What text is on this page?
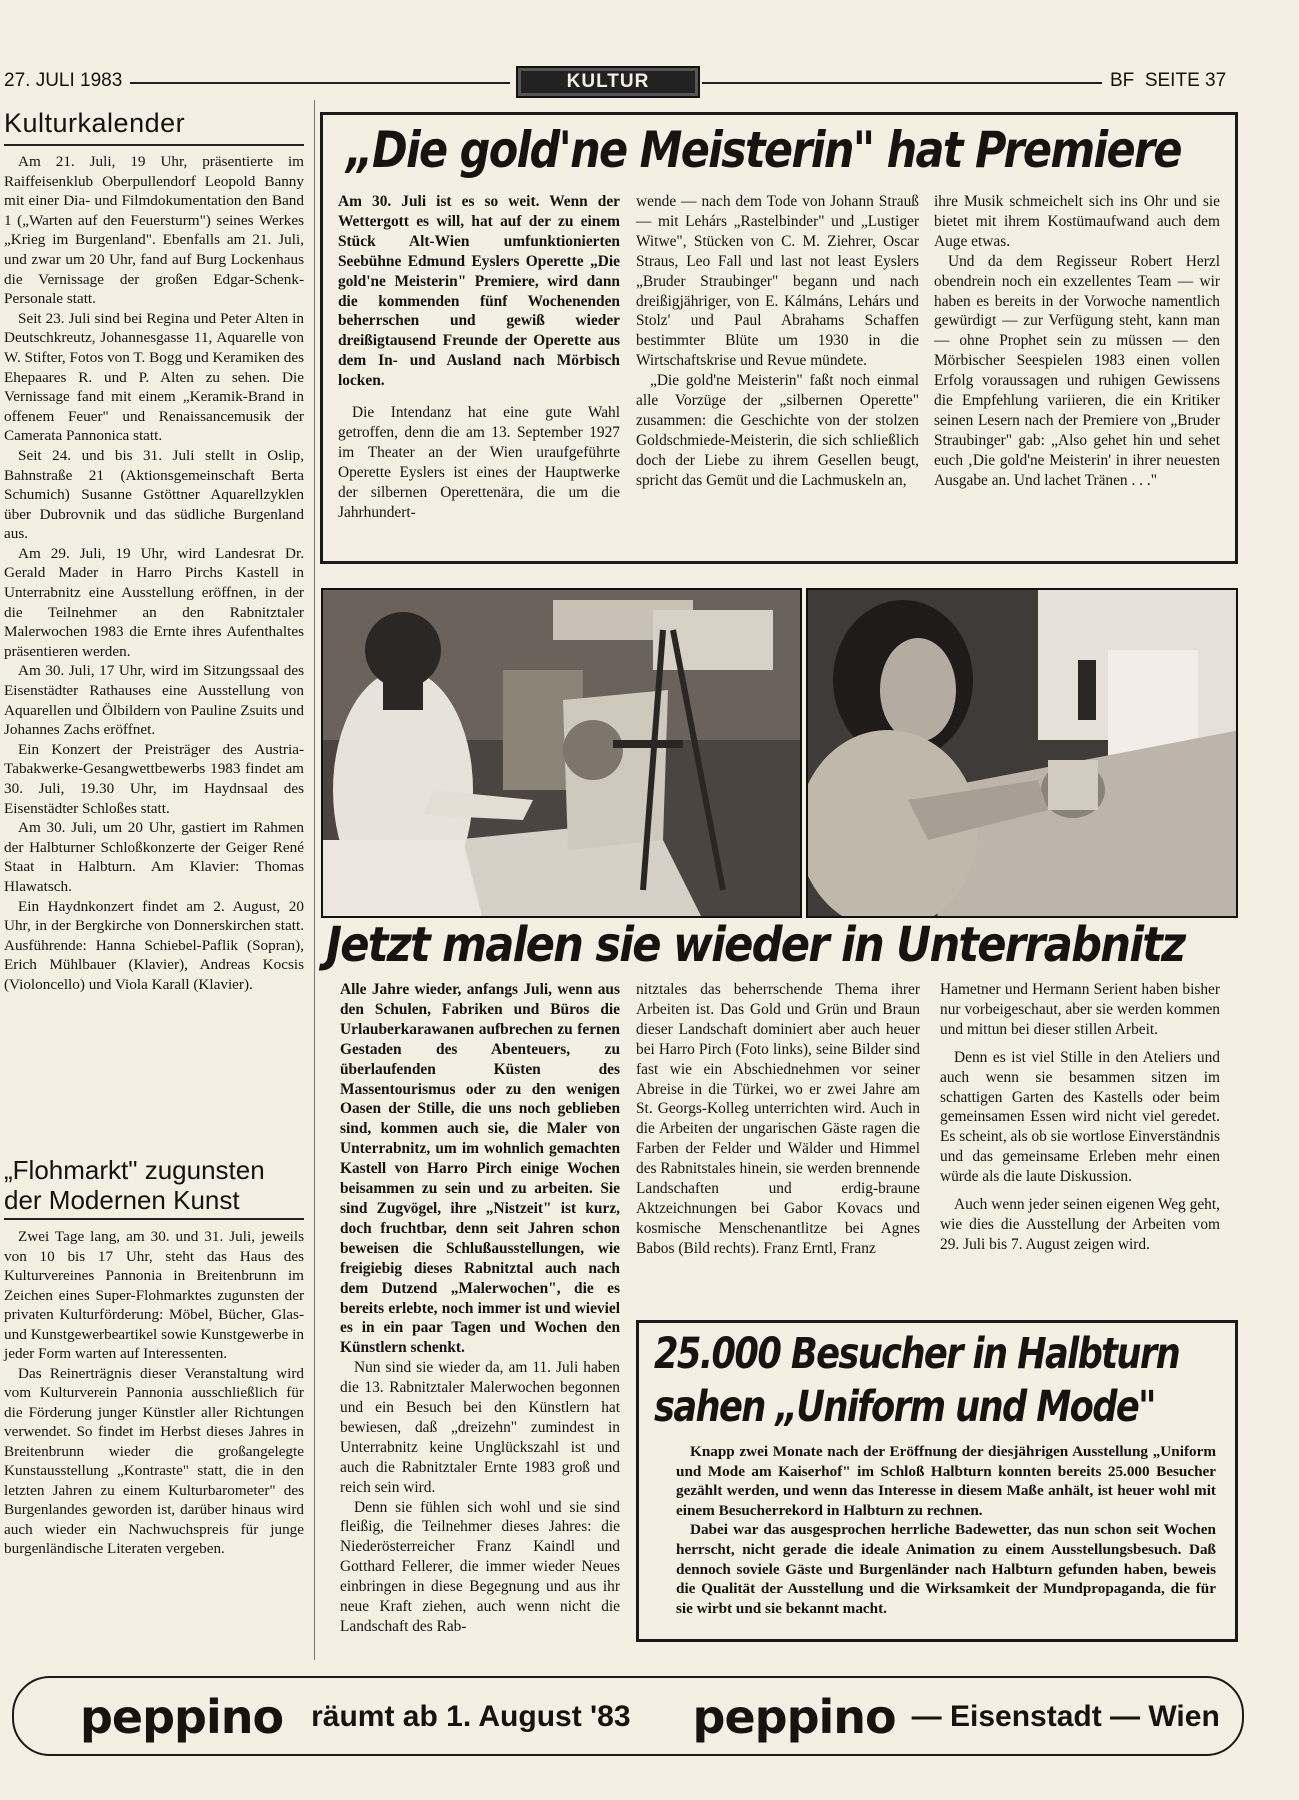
27. JULI 1983	KULTUR	BF  SEITE 37
Kulturkalender

Am 21. Juli, 19 Uhr, präsentierte im Raiffeisenklub Oberpullendorf Leopold Banny mit einer Dia- und Filmdokumentation den Band 1 („Warten auf den Feuersturm") seines Werkes „Krieg im Burgenland". Ebenfalls am 21. Juli, und zwar um 20 Uhr, fand auf Burg Lockenhaus die Vernissage der großen Edgar-Schenk-Personale statt.

Seit 23. Juli sind bei Regina und Peter Alten in Deutschkreutz, Johannesgasse 11, Aquarelle von W. Stifter, Fotos von T. Bogg und Keramiken des Ehepaares R. und P. Alten zu sehen. Die Vernissage fand mit einem „Keramik-Brand in offenem Feuer" und Renaissancemusik der Camerata Pannonica statt.

Seit 24. und bis 31. Juli stellt in Oslip, Bahnstraße 21 (Aktionsgemeinschaft Berta Schumich) Susanne Gstöttner Aquarellzyklen über Dubrovnik und das südliche Burgenland aus.

Am 29. Juli, 19 Uhr, wird Landesrat Dr. Gerald Mader in Harro Pirchs Kastell in Unterrabnitz eine Ausstellung eröffnen, in der die Teilnehmer an den Rabnitztaler Malerwochen 1983 die Ernte ihres Aufenthaltes präsentieren werden.

Am 30. Juli, 17 Uhr, wird im Sitzungssaal des Eisenstädter Rathauses eine Ausstellung von Aquarellen und Ölbildern von Pauline Zsuits und Johannes Zachs eröffnet.

Ein Konzert der Preisträger des Austria-Tabakwerke-Gesangwettbewerbs 1983 findet am 30. Juli, 19.30 Uhr, im Haydnsaal des Eisenstädter Schloßes statt.

Am 30. Juli, um 20 Uhr, gastiert im Rahmen der Halbturner Schloßkonzerte der Geiger René Staat in Halbturn. Am Klavier: Thomas Hlawatsch.

Ein Haydnkonzert findet am 2. August, 20 Uhr, in der Bergkirche von Donnerskirchen statt. Ausführende: Hanna Schiebel-Paflik (Sopran), Erich Mühlbauer (Klavier), Andreas Kocsis (Violoncello) und Viola Karall (Klavier).

„Flohmarkt" zugunsten
der Modernen Kunst

Zwei Tage lang, am 30. und 31. Juli, jeweils von 10 bis 17 Uhr, steht das Haus des Kulturvereines Pannonia in Breitenbrunn im Zeichen eines Super-Flohmarktes zugunsten der privaten Kulturförderung: Möbel, Bücher, Glas- und Kunstgewerbeartikel sowie Kunstgewerbe in jeder Form warten auf Interessenten.

Das Reinerträgnis dieser Veranstaltung wird vom Kulturverein Pannonia ausschließlich für die Förderung junger Künstler aller Richtungen verwendet. So findet im Herbst dieses Jahres in Breitenbrunn wieder die großangelegte Kunstausstellung „Kontraste" statt, die in den letzten Jahren zu einem Kulturbarometer" des Burgenlandes geworden ist, darüber hinaus wird auch wieder ein Nachwuchspreis für junge burgenländische Literaten vergeben.

„Die gold'ne Meisterin" hat Premiere

Am 30. Juli ist es so weit. Wenn der Wettergott es will, hat auf der zu einem Stück Alt-Wien umfunktionierten Seebühne Edmund Eyslers Operette „Die gold'ne Meisterin" Premiere, wird dann die kommenden fünf Wochenenden beherrschen und gewiß wieder dreißigtausend Freunde der Operette aus dem In- und Ausland nach Mörbisch locken.

Die Intendanz hat eine gute Wahl getroffen, denn die am 13. September 1927 im Theater an der Wien uraufgeführte Operette Eyslers ist eines der Hauptwerke der silbernen Operettenära, die um die Jahrhundert-

wende — nach dem Tode von Johann Strauß — mit Lehárs „Rastelbinder" und „Lustiger Witwe", Stücken von C. M. Ziehrer, Oscar Straus, Leo Fall und last not least Eyslers „Bruder Straubinger" begann und nach dreißigjähriger, von E. Kálmáns, Lehárs und Stolz' und Paul Abrahams Schaffen bestimmter Blüte um 1930 in die Wirtschaftskrise und Revue mündete.

„Die gold'ne Meisterin" faßt noch einmal alle Vorzüge der „silbernen Operette" zusammen: die Geschichte von der stolzen Goldschmiede-Meisterin, die sich schließlich doch der Liebe zu ihrem Gesellen beugt, spricht das Gemüt und die Lachmuskeln an,

ihre Musik schmeichelt sich ins Ohr und sie bietet mit ihrem Kostümaufwand auch dem Auge etwas.

Und da dem Regisseur Robert Herzl obendrein noch ein exzellentes Team — wir haben es bereits in der Vorwoche namentlich gewürdigt — zur Verfügung steht, kann man — ohne Prophet sein zu müssen — den Mörbischer Seespielen 1983 einen vollen Erfolg voraussagen und ruhigen Gewissens die Empfehlung variieren, die ein Kritiker seinen Lesern nach der Premiere von „Bruder Straubinger" gab: „Also gehet hin und sehet euch ‚Die gold'ne Meisterin' in ihrer neuesten Ausgabe an. Und lachet Tränen . . ."

Jetzt malen sie wieder in Unterrabnitz

Alle Jahre wieder, anfangs Juli, wenn aus den Schulen, Fabriken und Büros die Urlauberkarawanen aufbrechen zu fernen Gestaden des Abenteuers, zu überlaufenden Küsten des Massentourismus oder zu den wenigen Oasen der Stille, die uns noch geblieben sind, kommen auch sie, die Maler von Unterrabnitz, um im wohnlich gemachten Kastell von Harro Pirch einige Wochen beisammen zu sein und zu arbeiten. Sie sind Zugvögel, ihre „Nistzeit" ist kurz, doch fruchtbar, denn seit Jahren schon beweisen die Schlußausstellungen, wie freigiebig dieses Rabnitztal auch nach dem Dutzend „Malerwochen", die es bereits erlebte, noch immer ist und wieviel es in ein paar Tagen und Wochen den Künstlern schenkt.

Nun sind sie wieder da, am 11. Juli haben die 13. Rabnitztaler Malerwochen begonnen und ein Besuch bei den Künstlern hat bewiesen, daß „dreizehn" zumindest in Unterrabnitz keine Unglückszahl ist und auch die Rabnitztaler Ernte 1983 groß und reich sein wird.

Denn sie fühlen sich wohl und sie sind fleißig, die Teilnehmer dieses Jahres: die Niederösterreicher Franz Kaindl und Gotthard Fellerer, die immer wieder Neues einbringen in diese Begegnung und aus ihr neue Kraft ziehen, auch wenn nicht die Landschaft des Rab-

nitztales das beherrschende Thema ihrer Arbeiten ist. Das Gold und Grün und Braun dieser Landschaft dominiert aber auch heuer bei Harro Pirch (Foto links), seine Bilder sind fast wie ein Abschiednehmen vor seiner Abreise in die Türkei, wo er zwei Jahre am St. Georgs-Kolleg unterrichten wird. Auch in die Arbeiten der ungarischen Gäste ragen die Farben der Felder und Wälder und Himmel des Rabnitstales hinein, sie werden brennende Landschaften und erdig-braune Aktzeichnungen bei Gabor Kovacs und kosmische Menschenantlitze bei Agnes Babos (Bild rechts). Franz Erntl, Franz

Hametner und Hermann Serient haben bisher nur vorbeigeschaut, aber sie werden kommen und mittun bei dieser stillen Arbeit.

Denn es ist viel Stille in den Ateliers und auch wenn sie besammen sitzen im schattigen Garten des Kastells oder beim gemeinsamen Essen wird nicht viel geredet. Es scheint, als ob sie wortlose Einverständnis und das gemeinsame Erleben mehr einen würde als die laute Diskussion.

Auch wenn jeder seinen eigenen Weg geht, wie dies die Ausstellung der Arbeiten vom 29. Juli bis 7. August zeigen wird.

25.000 Besucher in Halbturn
sahen „Uniform und Mode"

Knapp zwei Monate nach der Eröffnung der diesjährigen Ausstellung „Uniform und Mode am Kaiserhof" im Schloß Halbturn konnten bereits 25.000 Besucher gezählt werden, und wenn das Interesse in diesem Maße anhält, ist heuer wohl mit einem Besucherrekord in Halbturn zu rechnen.

Dabei war das ausgesprochen herrliche Badewetter, das nun schon seit Wochen herrscht, nicht gerade die ideale Animation zu einem Ausstellungsbesuch. Daß dennoch soviele Gäste und Burgenländer nach Halbturn gefunden haben, beweis die Qualität der Ausstellung und die Wirksamkeit der Mundpropaganda, die für sie wirbt und sie bekannt macht.

peppino räumt ab 1. August '83 peppino — Eisenstadt — Wien
